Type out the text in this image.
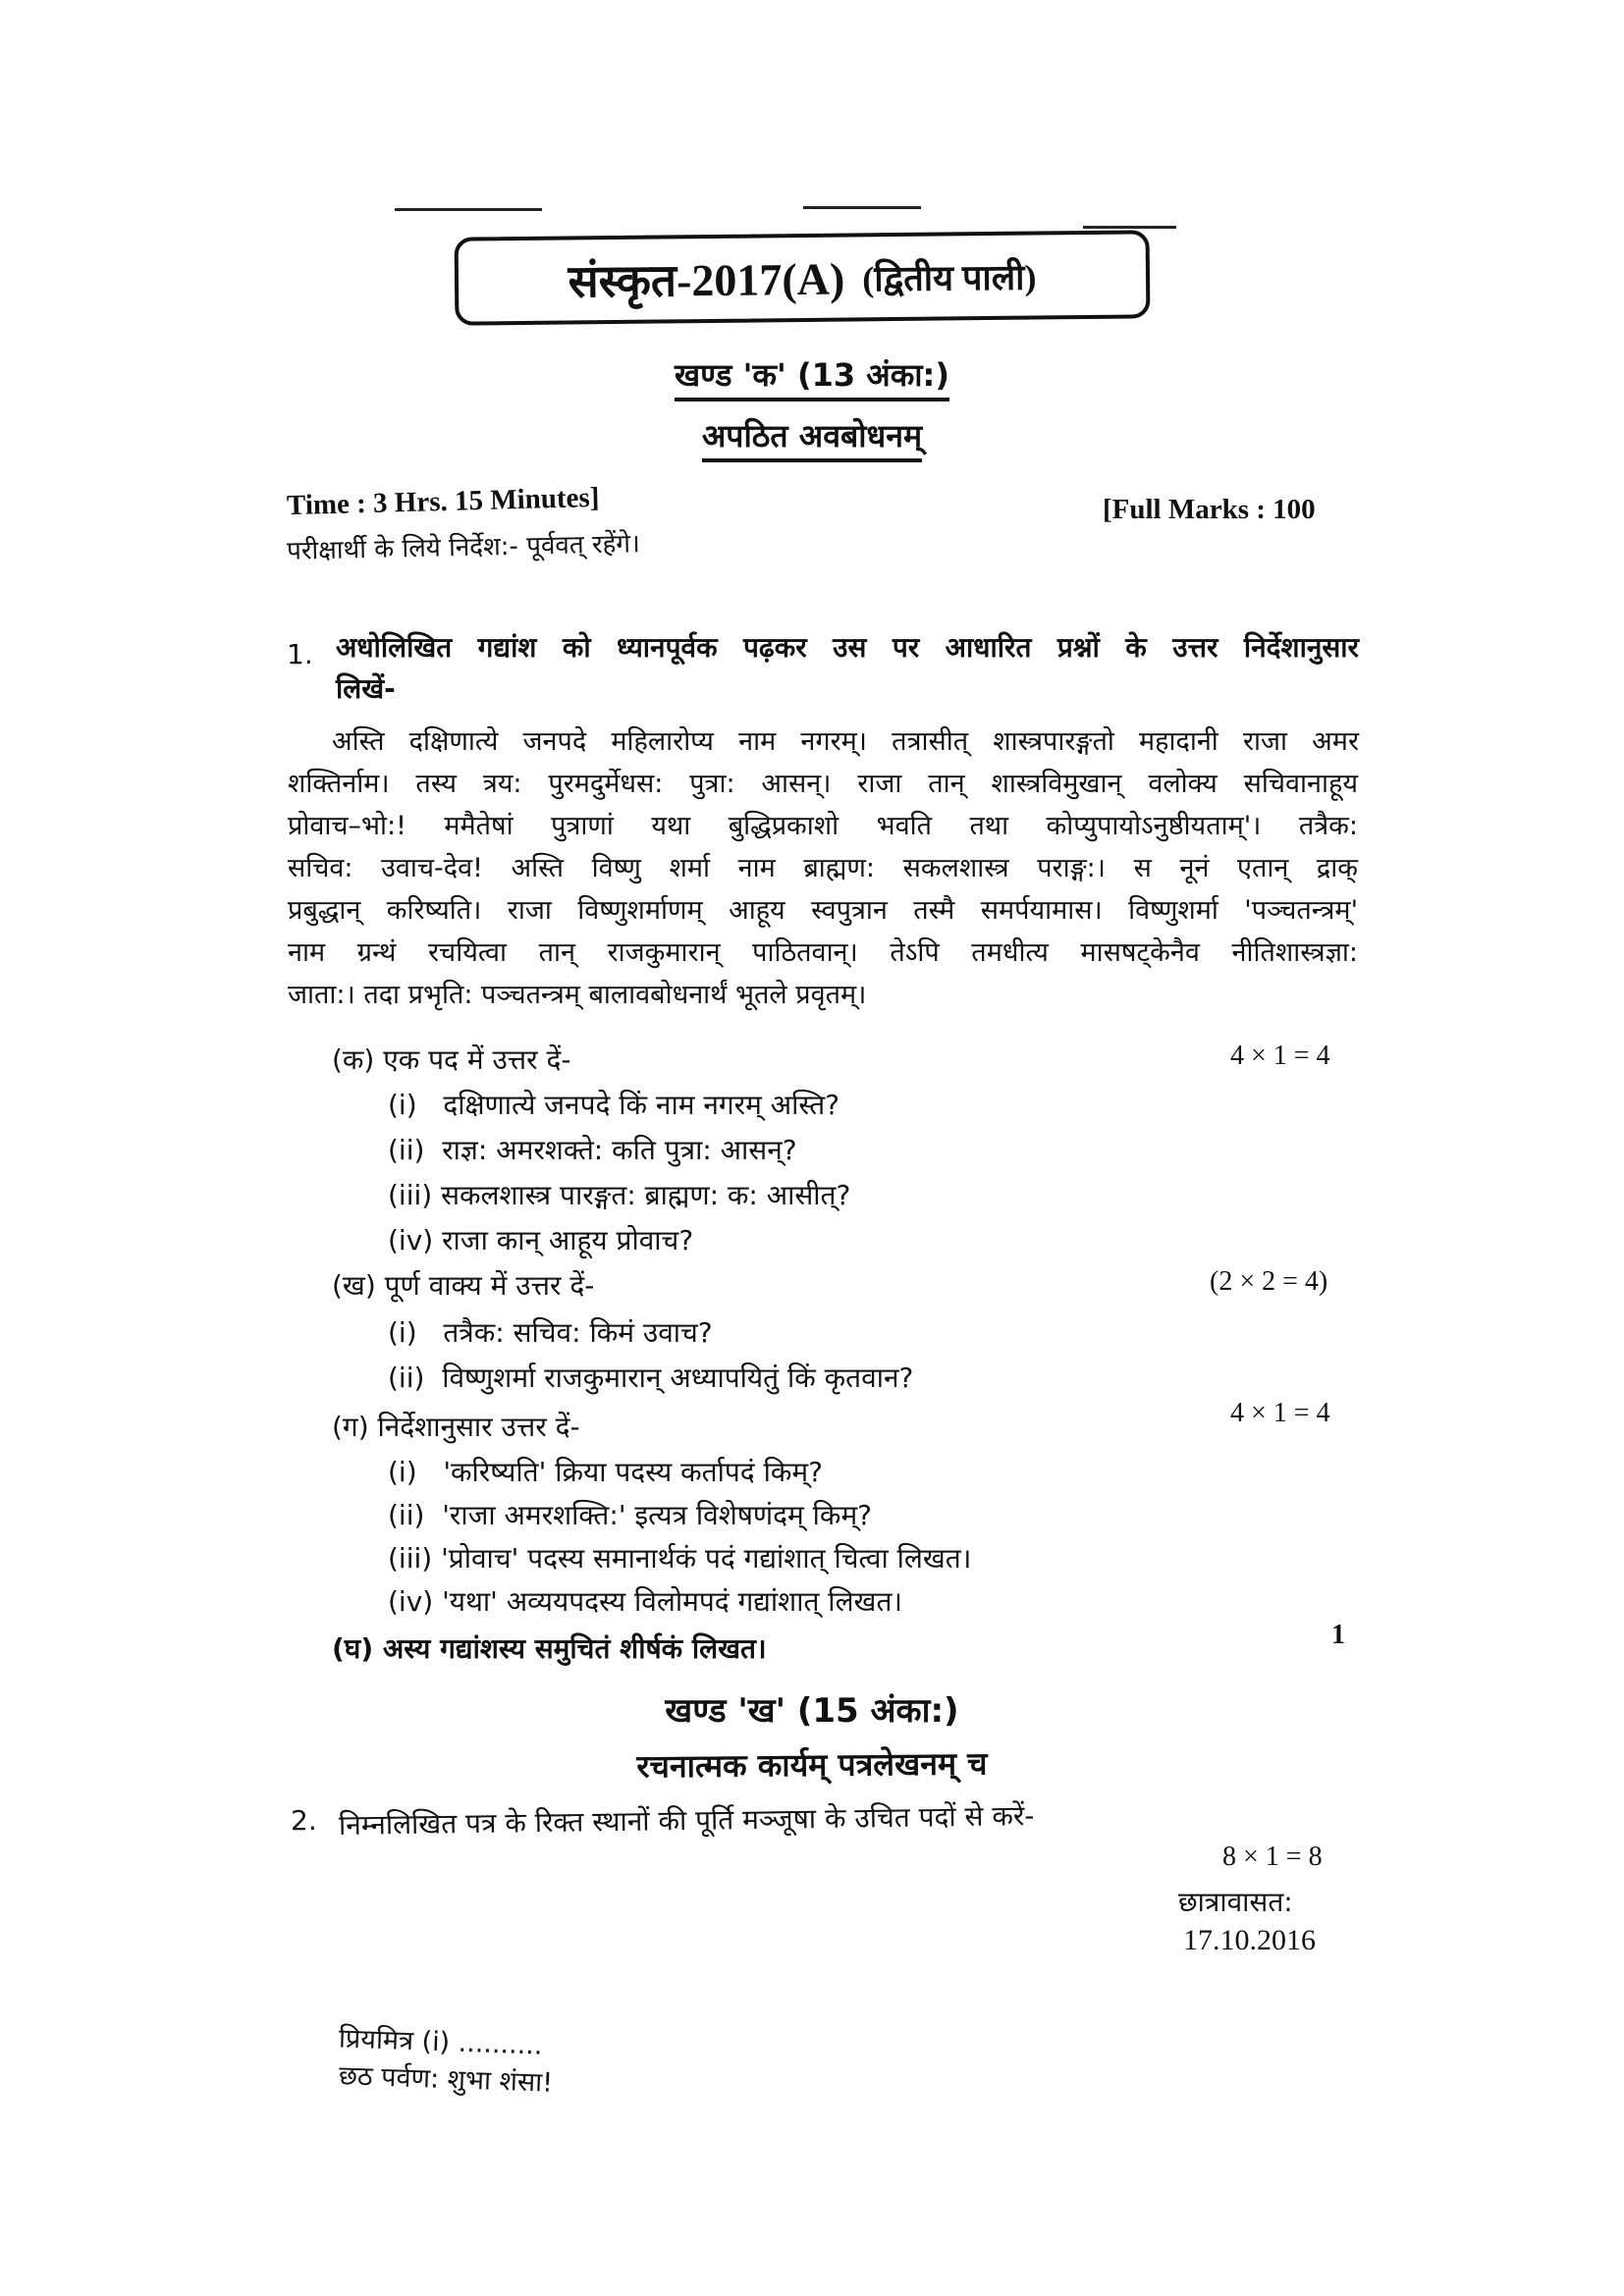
संस्कृत-2017(A) (द्वितीय पाली)
खण्ड 'क' (13 अंका:)
अपठित अवबोधनम्
Time : 3 Hrs. 15 Minutes]	[Full Marks : 100
परीक्षार्थी के लिये निर्देश:- पूर्ववत् रहेंगे।
1. अधोलिखित गद्यांश को ध्यानपूर्वक पढ़कर उस पर आधारित प्रश्नों के उत्तर निर्देशानुसार
लिखें-
अस्ति दक्षिणात्ये जनपदे महिलारोप्य नाम नगरम्। तत्रासीत् शास्त्रपारङ्गतो महादानी राजा अमर
शक्तिर्नाम। तस्य त्रय: पुरमदुर्मेधस: पुत्रा: आसन्। राजा तान् शास्त्रविमुखान् वलोक्य सचिवानाहूय
प्रोवाच–भो:! ममैतेषां पुत्राणां यथा बुद्धिप्रकाशो भवति तथा कोप्युपायोऽनुष्ठीयताम्'। तत्रैक:
सचिव: उवाच-देव! अस्ति विष्णु शर्मा नाम ब्राह्मण: सकलशास्त्र पराङ्ग:। स नूनं एतान् द्राक्
प्रबुद्धान् करिष्यति। राजा विष्णुशर्माणम् आहूय स्वपुत्रान तस्मै समर्पयामास। विष्णुशर्मा 'पञ्चतन्त्रम्'
नाम ग्रन्थं रचयित्वा तान् राजकुमारान् पाठितवान्। तेऽपि तमधीत्य मासषट्केनैव नीतिशास्त्रज्ञा:
जाता:। तदा प्रभृति: पञ्चतन्त्रम् बालावबोधनार्थं भूतले प्रवृतम्।
(क) एक पद में उत्तर दें-	4 × 1 = 4
(i)   दक्षिणात्ये जनपदे किं नाम नगरम् अस्ति?
(ii)  राज्ञ: अमरशक्ते: कति पुत्रा: आसन्?
(iii) सकलशास्त्र पारङ्गत: ब्राह्मण: क: आसीत्?
(iv) राजा कान् आहूय प्रोवाच?
(ख) पूर्ण वाक्य में उत्तर दें-	(2 × 2 = 4)
(i)   तत्रैक: सचिव: किमं उवाच?
(ii)  विष्णुशर्मा राजकुमारान् अध्यापयितुं किं कृतवान?
(ग) निर्देशानुसार उत्तर दें-	4 × 1 = 4
(i)   'करिष्यति' क्रिया पदस्य कर्तापदं किम्?
(ii)  'राजा अमरशक्ति:' इत्यत्र विशेषणंदम् किम्?
(iii) 'प्रोवाच' पदस्य समानार्थकं पदं गद्यांशात् चित्वा लिखत।
(iv) 'यथा' अव्ययपदस्य विलोमपदं गद्यांशात् लिखत।
(घ) अस्य गद्यांशस्य समुचितं शीर्षकं लिखत।	1
खण्ड 'ख' (15 अंका:)
रचनात्मक कार्यम् पत्रलेखनम् च
2. निम्नलिखित पत्र के रिक्त स्थानों की पूर्ति मञ्जूषा के उचित पदों से करें-
8 × 1 = 8
छात्रावासत:
17.10.2016
प्रियमित्र (i) ..........
छठ पर्वण: शुभा शंसा!
